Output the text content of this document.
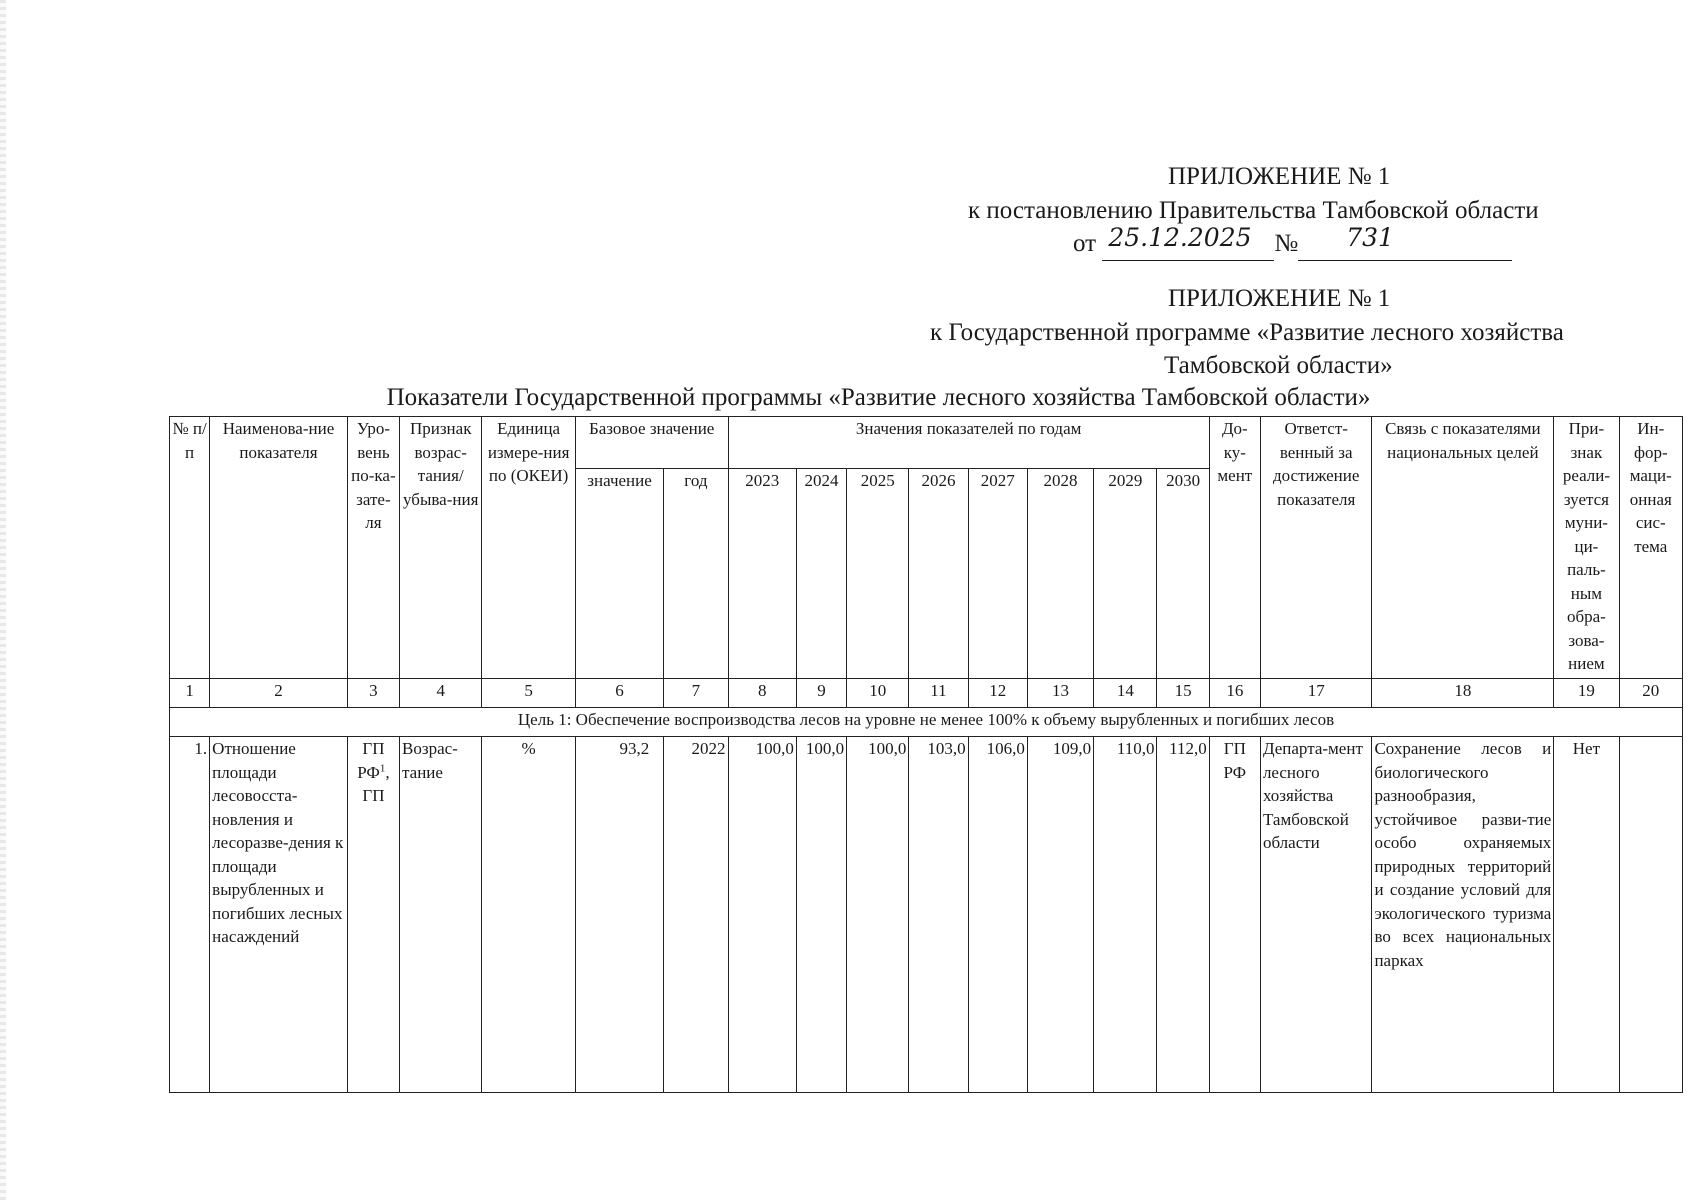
ПРИЛОЖЕНИЕ № 1
к постановлению Правительства Тамбовской области
от 25.12.2025 № 731

ПРИЛОЖЕНИЕ № 1
к Государственной программе «Развитие лесного хозяйства
Тамбовской области»
Показатели Государственной программы «Развитие лесного хозяйства Тамбовской области»
№ п/п	Наименова-ние показателя	Уро-вень по-ка-зате-ля	Признак возрас-тания/ убыва-ния	Единица измере-ния по (ОКЕИ)	Базовое значение		Значения показателей по годам								До-ку-мент	Ответст-венный за достижение показателя	Связь с показателями национальных целей	При-знак реали-зуется муни-ци-паль-ным обра-зова-нием	Ин-фор-маци-онная сис-тема
					значение	год	2023	2024	2025	2026	2027	2028	2029	2030					
1	2	3	4	5	6	7	8	9	10	11	12	13	14	15	16	17	18	19	20
Цель 1: Обеспечение воспроизводства лесов на уровне не менее 100% к объему вырубленных и погибших лесов																			
1.	Отношение площади лесовосста-новления и лесоразве-дения к площади вырубленных и погибших лесных насаждений	ГП $РФ^1$, ГП	Возрас-тание	%	93,2	2022	100,0	100,0	100,0	103,0	106,0	109,0	110,0	112,0	ГП РФ	Департа-мент лесного хозяйства Тамбовской области	Сохранение лесов и биологического разнообразия, устойчивое разви-тие особо охраняемых природных территорий и создание условий для экологического туризма во всех национальных парках	Нет	
